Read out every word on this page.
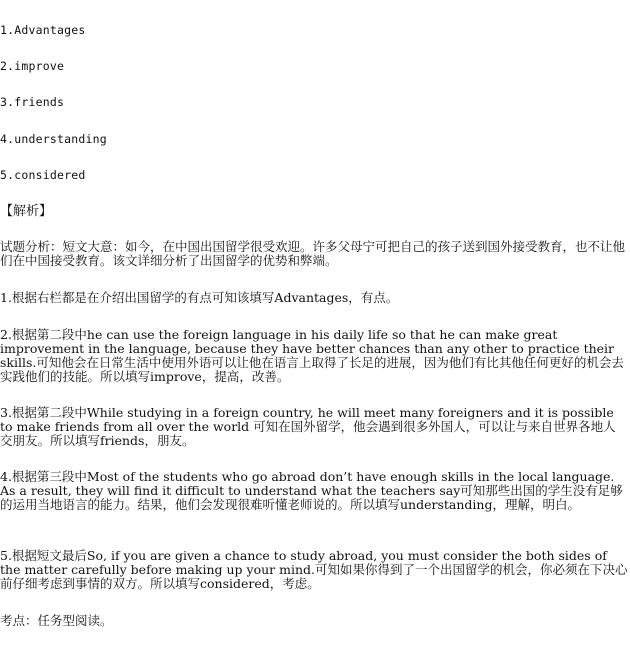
1.Advantages

2.improve

3.friends

4.understanding

5.considered

【解析】

试题分析：短文大意：如今，在中国出国留学很受欢迎。许多父母宁可把自己的孩子送到国外接受教育，也不让他们在中国接受教育。该文详细分析了出国留学的优势和弊端。

1.根据右栏都是在介绍出国留学的有点可知该填写Advantages，有点。

2.根据第二段中he can use the foreign language in his daily life so that he can make great improvement in the language, because they have better chances than any other to practice their skills.可知他会在日常生活中使用外语可以让他在语言上取得了长足的进展，因为他们有比其他任何更好的机会去实践他们的技能。所以填写improve，提高，改善。

3.根据第二段中While studying in a foreign country, he will meet many foreigners and it is possible to make friends from all over the world 可知在国外留学，他会遇到很多外国人，可以让与来自世界各地人交朋友。所以填写friends，朋友。

4.根据第三段中Most of the students who go abroad don’t have enough skills in the local language. As a result, they will find it difficult to understand what the teachers say可知那些出国的学生没有足够的运用当地语言的能力。结果，他们会发现很难听懂老师说的。所以填写understanding，理解，明白。

5.根据短文最后So, if you are given a chance to study abroad, you must consider the both sides of the matter carefully before making up your mind.可知如果你得到了一个出国留学的机会，你必须在下决心前仔细考虑到事情的双方。所以填写considered，考虑。

考点：任务型阅读。
